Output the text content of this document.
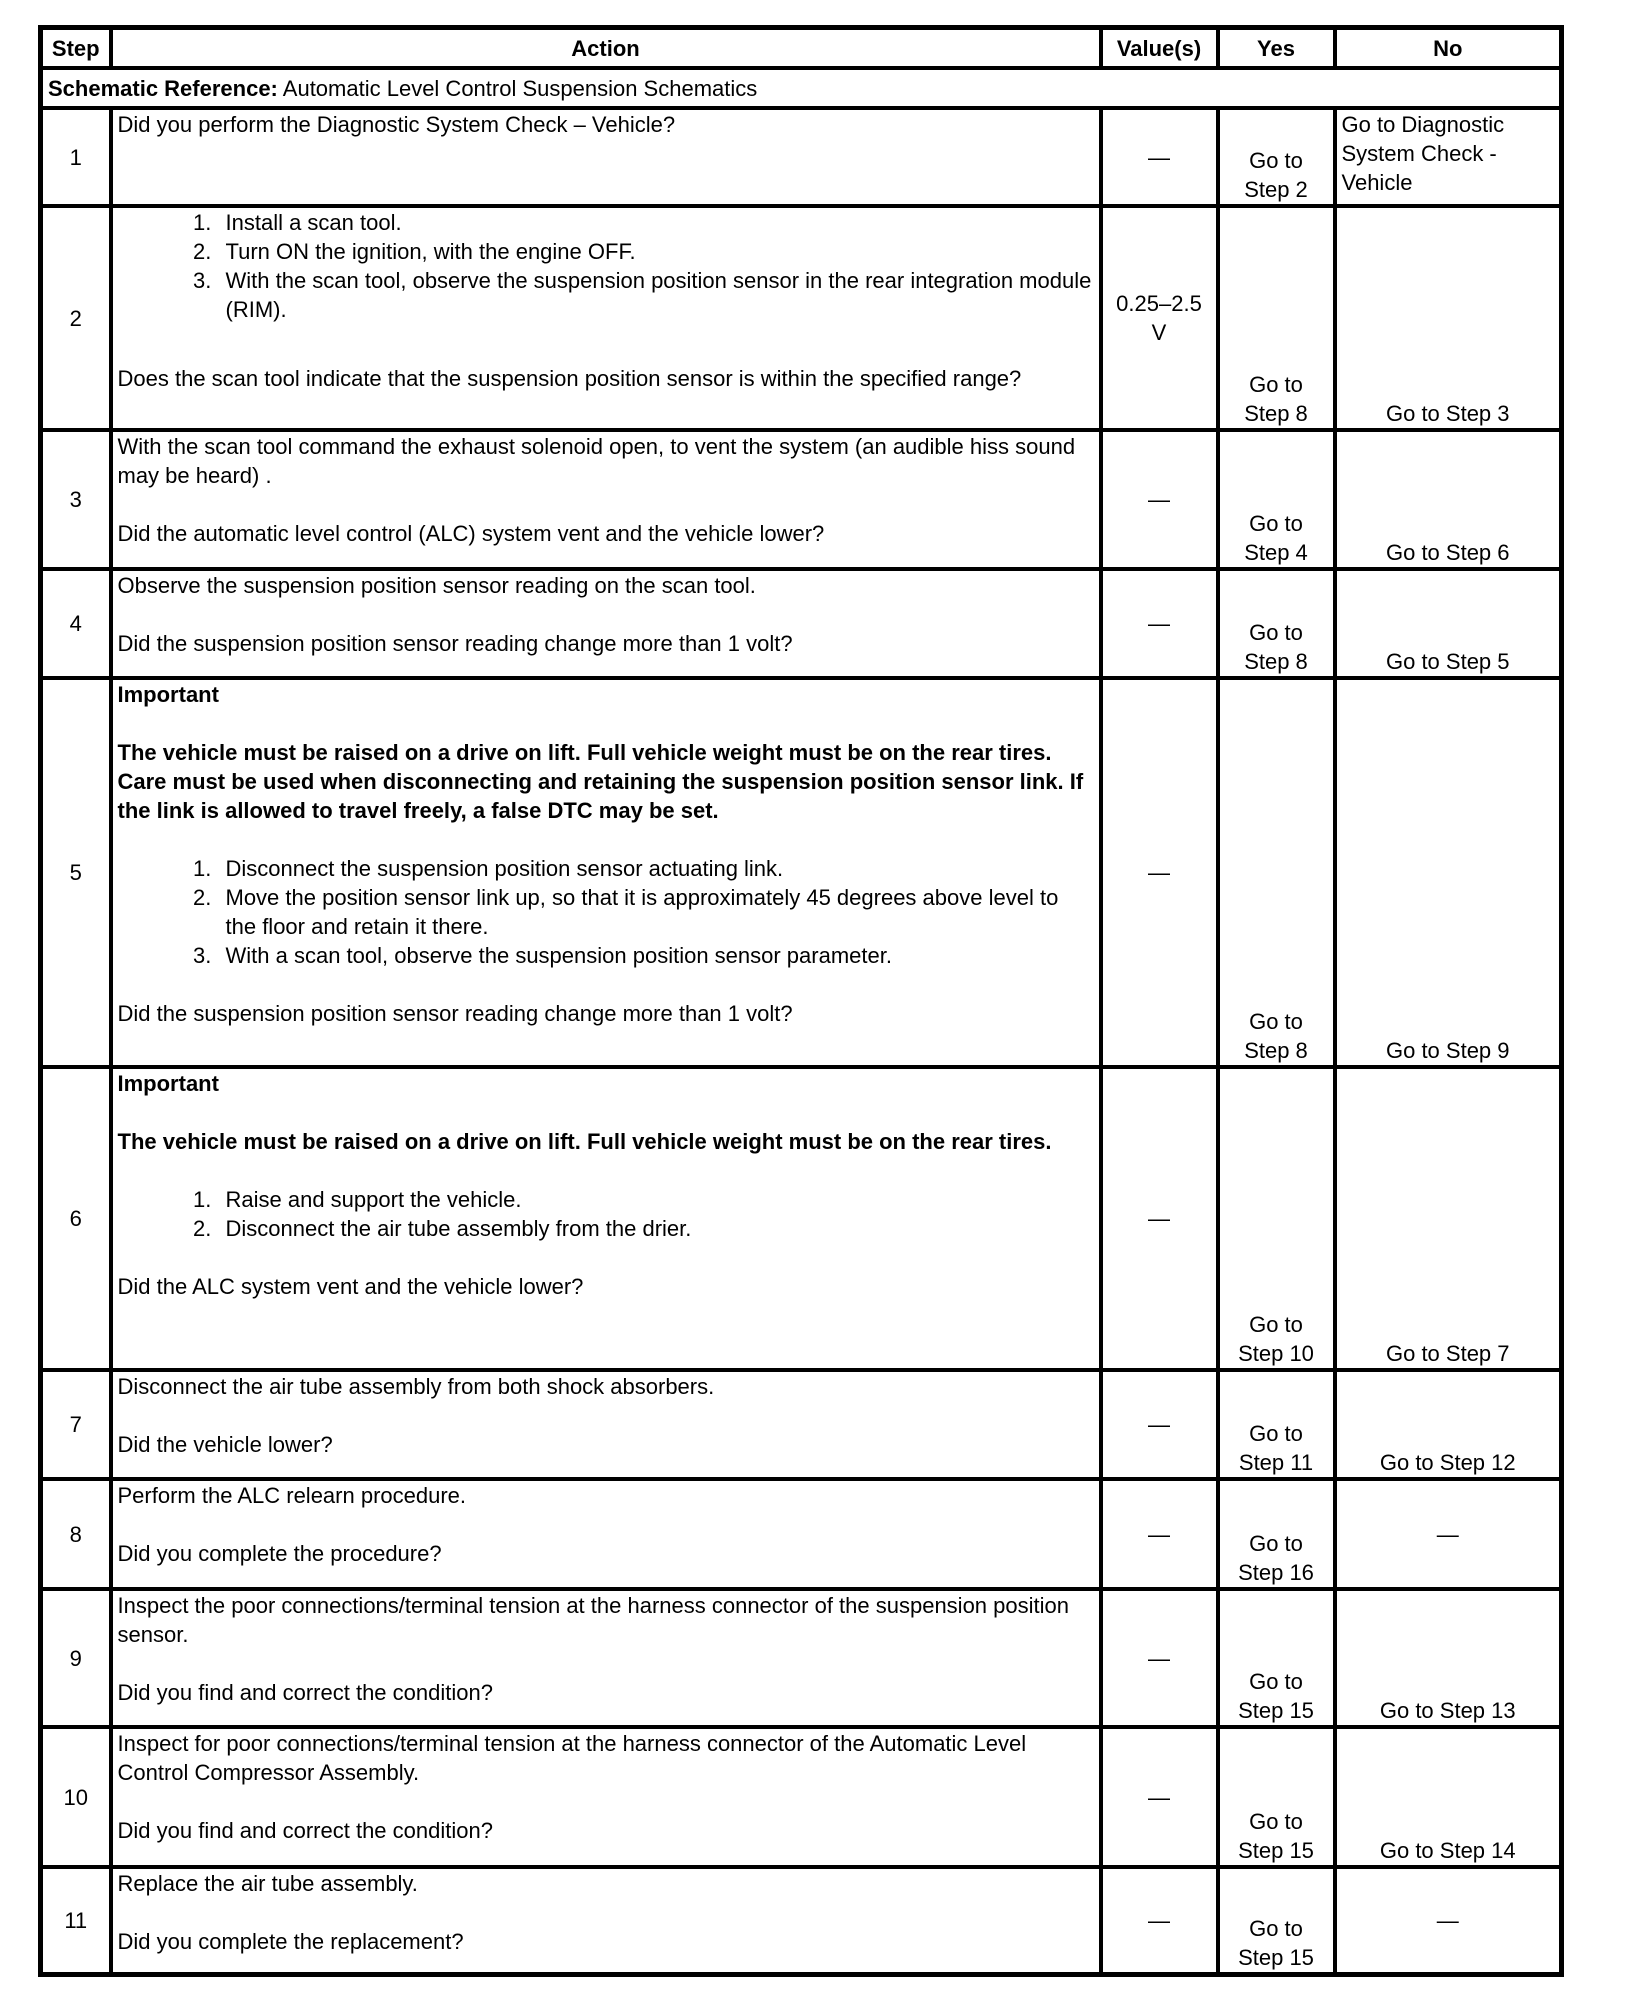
Step	Action	Value(s)	Yes	No
Schematic Reference: Automatic Level Control Suspension Schematics				
1	Did you perform the Diagnostic System Check – Vehicle?	—	Go to Step 2	Go to Diagnostic System Check - Vehicle
2	
1. Install a scan tool.
2. Turn ON the ignition, with the engine OFF.
3. With the scan tool, observe the suspension position sensor in the rear integration module (RIM).
Does the scan tool indicate that the suspension position sensor is within the specified range?
	0.25–2.5 V	Go to Step 8	Go to Step 3
3	With the scan tool command the exhaust solenoid open, to vent the system (an audible hiss sound may be heard) .
Did the automatic level control (ALC) system vent and the vehicle lower?	—	Go to Step 4	Go to Step 6
4	Observe the suspension position sensor reading on the scan tool.
Did the suspension position sensor reading change more than 1 volt?	—	Go to Step 8	Go to Step 5
5	
Important
The vehicle must be raised on a drive on lift. Full vehicle weight must be on the rear tires. Care must be used when disconnecting and retaining the suspension position sensor link. If the link is allowed to travel freely, a false DTC may be set.
1. Disconnect the suspension position sensor actuating link.
2. Move the position sensor link up, so that it is approximately 45 degrees above level to the floor and retain it there.
3. With a scan tool, observe the suspension position sensor parameter.
Did the suspension position sensor reading change more than 1 volt?
	—	Go to Step 8	Go to Step 9
6	
Important
The vehicle must be raised on a drive on lift. Full vehicle weight must be on the rear tires.
1. Raise and support the vehicle.
2. Disconnect the air tube assembly from the drier.
Did the ALC system vent and the vehicle lower?
	—	Go to Step 10	Go to Step 7
7	Disconnect the air tube assembly from both shock absorbers.
Did the vehicle lower?	—	Go to Step 11	Go to Step 12
8	Perform the ALC relearn procedure.
Did you complete the procedure?	—	Go to Step 16	—
9	Inspect the poor connections/terminal tension at the harness connector of the suspension position sensor.
Did you find and correct the condition?	—	Go to Step 15	Go to Step 13
10	Inspect for poor connections/terminal tension at the harness connector of the Automatic Level Control Compressor Assembly.
Did you find and correct the condition?	—	Go to Step 15	Go to Step 14
11	Replace the air tube assembly.
Did you complete the replacement?	—	Go to Step 15	—
